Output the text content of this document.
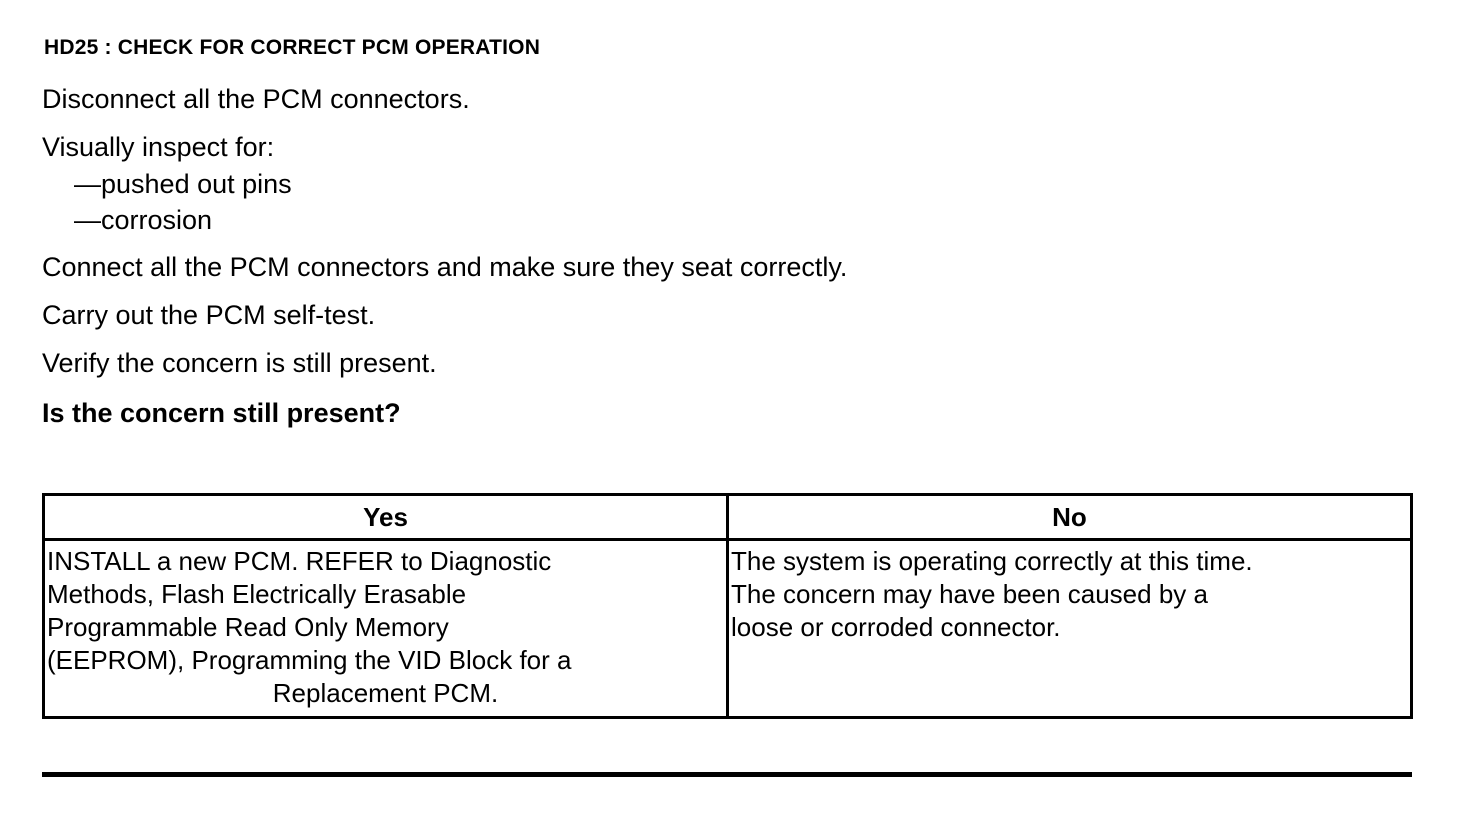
HD25 : CHECK FOR CORRECT PCM OPERATION
Disconnect all the PCM connectors.
Visually inspect for:
—pushed out pins
—corrosion
Connect all the PCM connectors and make sure they seat correctly.
Carry out the PCM self-test.
Verify the concern is still present.
Is the concern still present?
Yes	No
INSTALL a new PCM. REFER to Diagnostic
Methods, Flash Electrically Erasable
Programmable Read Only Memory
(EEPROM), Programming the VID Block for a
Replacement PCM.	The system is operating correctly at this time.
The concern may have been caused by a
loose or corroded connector.
